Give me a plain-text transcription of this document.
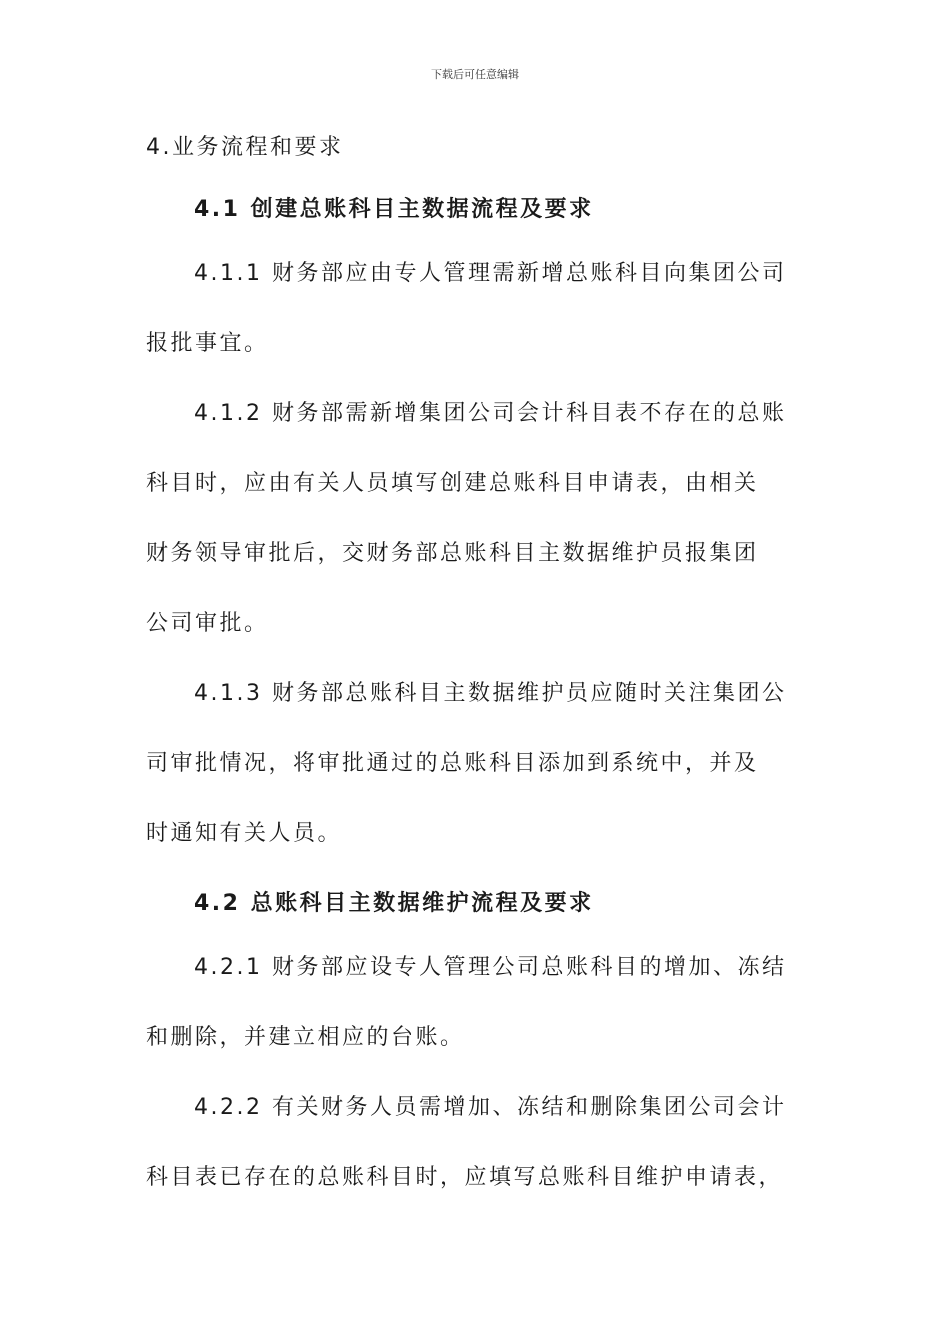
下载后可任意编辑
4.业务流程和要求
4.1 创建总账科目主数据流程及要求
4.1.1 财务部应由专人管理需新增总账科目向集团公司
报批事宜。
4.1.2 财务部需新增集团公司会计科目表不存在的总账
科目时，应由有关人员填写创建总账科目申请表，由相关
财务领导审批后，交财务部总账科目主数据维护员报集团
公司审批。
4.1.3 财务部总账科目主数据维护员应随时关注集团公
司审批情况，将审批通过的总账科目添加到系统中，并及
时通知有关人员。
4.2 总账科目主数据维护流程及要求
4.2.1 财务部应设专人管理公司总账科目的增加、冻结
和删除，并建立相应的台账。
4.2.2 有关财务人员需增加、冻结和删除集团公司会计
科目表已存在的总账科目时，应填写总账科目维护申请表，
